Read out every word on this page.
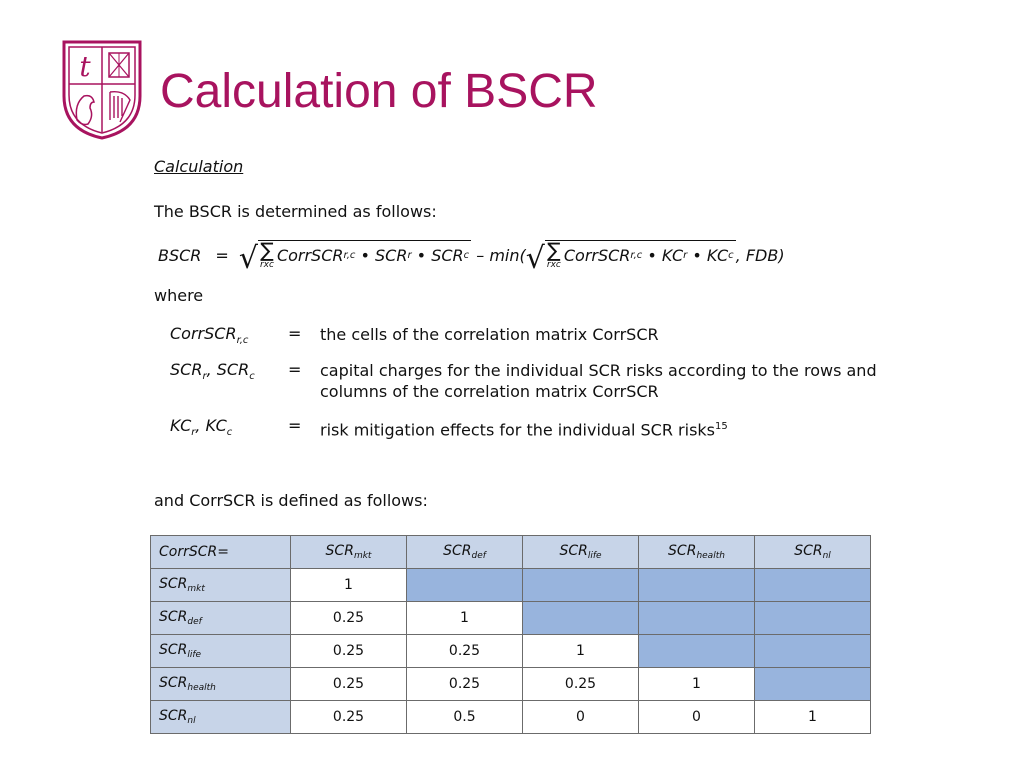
t Calculation of BSCR
Calculation
The BSCR is determined as follows:
BSCR = √ ∑
rxc CorrSCR r,c
•
SCR r
•
SCR c
– min( √ ∑
rxc CorrSCR r,c
•
KC r
•
KC c , FDB)
where
CorrSCR$_{r,c}$	=	the cells of the correlation matrix CorrSCR
$SCR_r$, $SCR_c$	=	capital charges for the individual SCR risks according to the rows and columns of the correlation matrix CorrSCR
$KC_r$, $KC_c$	=	risk mitigation effects for the individual SCR risks$^{15}$
and CorrSCR is defined as follows:
CorrSCR=	$SCR_{mkt}$	$SCR_{def}$	$SCR_{life}$	$SCR_{health}$	$SCR_{nl}$
$SCR_{mkt}$	1				
$SCR_{def}$	0.25	1			
$SCR_{life}$	0.25	0.25	1		
$SCR_{health}$	0.25	0.25	0.25	1	
$SCR_{nl}$	0.25	0.5	0	0	1
